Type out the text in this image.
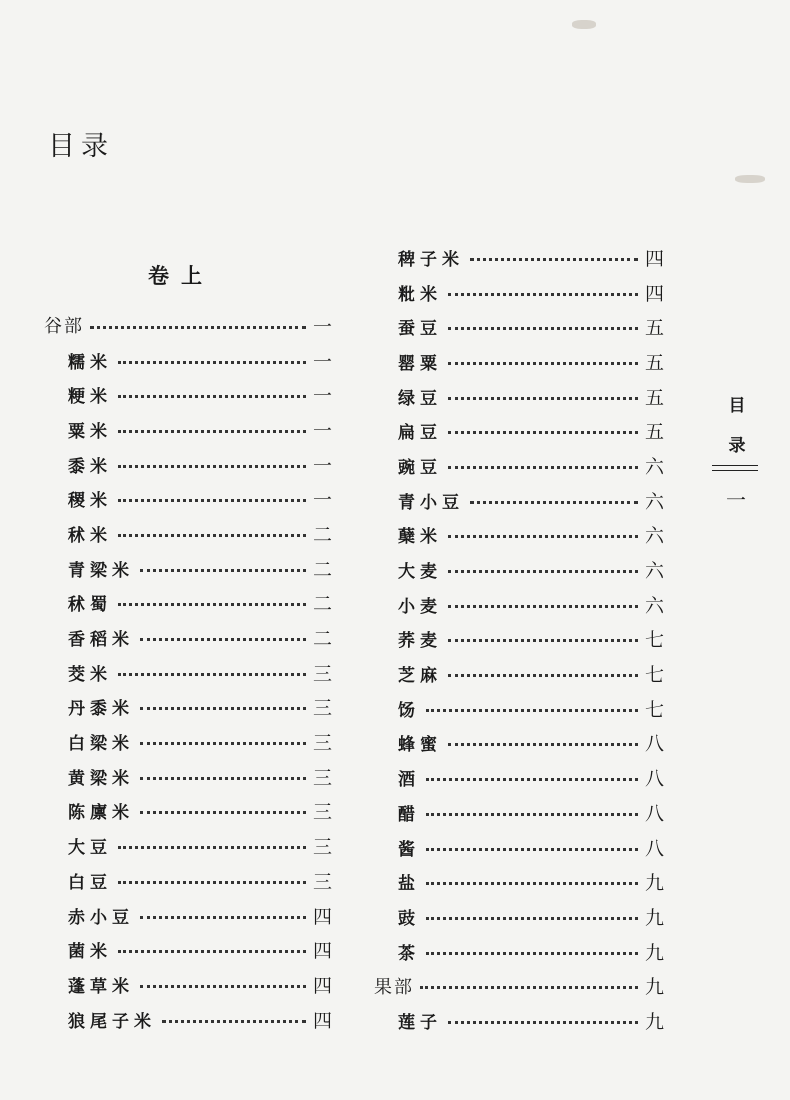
目录
卷上
谷部	一
糯米	一
粳米	一
粟米	一
黍米	一
稷米	一
秫米	二
青梁米	二
秫蜀	二
香稻米	二
茭米	三
丹黍米	三
白梁米	三
黄梁米	三
陈廪米	三
大豆	三
白豆	三
赤小豆	四
菌米	四
蓬草米	四
狼尾子米	四
稗子米	四
粃米	四
蚕豆	五
罂粟	五
绿豆	五
扁豆	五
豌豆	六
青小豆	六
蘖米	六
大麦	六
小麦	六
荞麦	七
芝麻	七
饧	七
蜂蜜	八
酒	八
醋	八
酱	八
盐	九
豉	九
茶	九
果部	九
莲子	九
目
录
一
